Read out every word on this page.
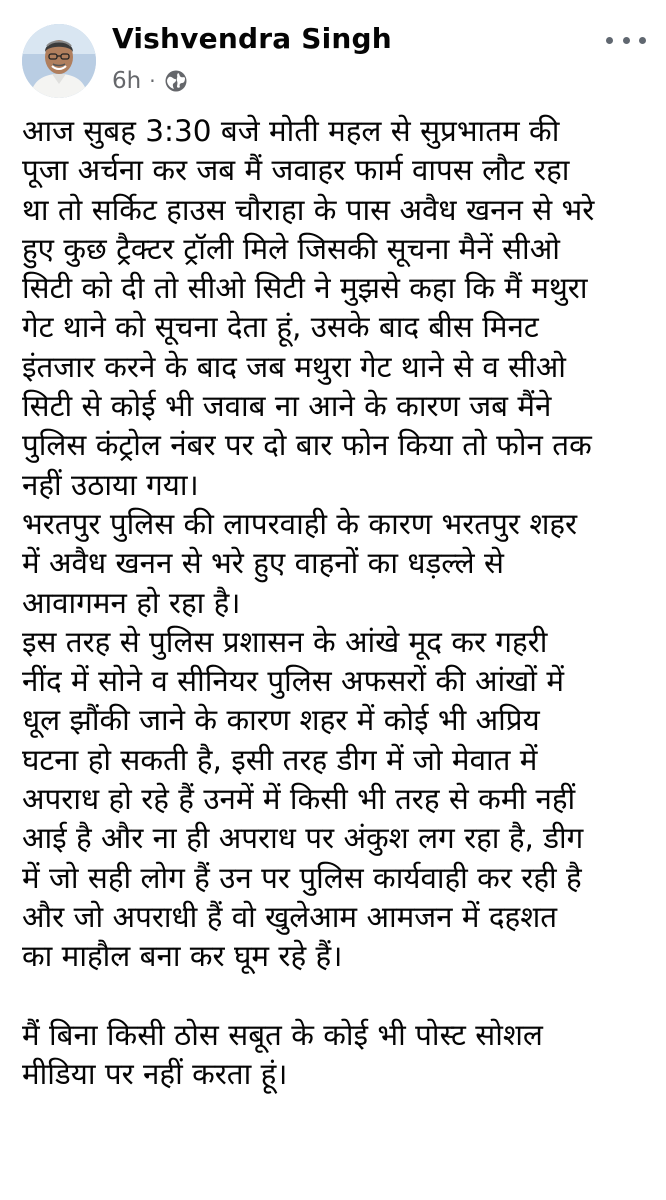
Vishvendra Singh
6h ·

आज सुबह 3:30 बजे मोती महल से सुप्रभातम की

पूजा अर्चना कर जब मैं जवाहर फार्म वापस लौट रहा

था तो सर्किट हाउस चौराहा के पास अवैध खनन से भरे

हुए कुछ ट्रैक्टर ट्रॉली मिले जिसकी सूचना मैनें सीओ

सिटी को दी तो सीओ सिटी ने मुझसे कहा कि मैं मथुरा

गेट थाने को सूचना देता हूं, उसके बाद बीस मिनट

इंतजार करने के बाद जब मथुरा गेट थाने से व सीओ

सिटी से कोई भी जवाब ना आने के कारण जब मैंने

पुलिस कंट्रोल नंबर पर दो बार फोन किया तो फोन तक

नहीं उठाया गया।

भरतपुर पुलिस की लापरवाही के कारण भरतपुर शहर

में अवैध खनन से भरे हुए वाहनों का धड़ल्ले से

आवागमन हो रहा है।

इस तरह से पुलिस प्रशासन के आंखे मूद कर गहरी

नींद में सोने व सीनियर पुलिस अफसरों की आंखों में

धूल झौंकी जाने के कारण शहर में कोई भी अप्रिय

घटना हो सकती है, इसी तरह डीग में जो मेवात में

अपराध हो रहे हैं उनमें में किसी भी तरह से कमी नहीं

आई है और ना ही अपराध पर अंकुश लग रहा है, डीग

में जो सही लोग हैं उन पर पुलिस कार्यवाही कर रही है

और जो अपराधी हैं वो खुलेआम आमजन में दहशत

का माहौल बना कर घूम रहे हैं।

मैं बिना किसी ठोस सबूत के कोई भी पोस्ट सोशल

मीडिया पर नहीं करता हूं।
